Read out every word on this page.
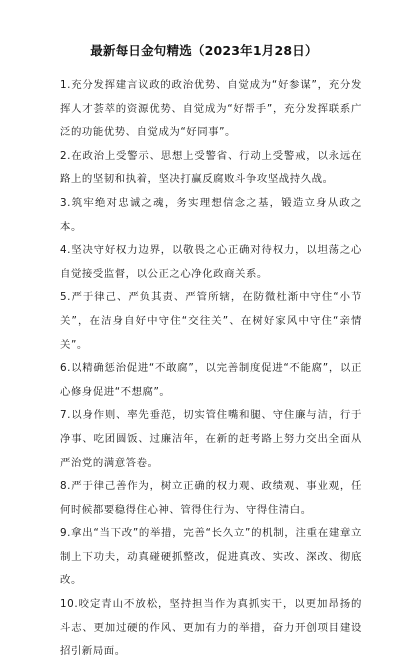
最新每日金句精选（2023年1月28日）

1.充分发挥建言议政的政治优势、自觉成为“好参谋”，充分发挥人才荟萃的资源优势、自觉成为“好帮手”，充分发挥联系广泛的功能优势、自觉成为“好同事”。

2.在政治上受警示、思想上受警省、行动上受警戒，以永远在路上的坚韧和执着，坚决打赢反腐败斗争攻坚战持久战。

3.筑牢绝对忠诚之魂，务实理想信念之基，锻造立身从政之本。

4.坚决守好权力边界，以敬畏之心正确对待权力，以坦荡之心自觉接受监督，以公正之心净化政商关系。

5.严于律己、严负其责、严管所辖，在防微杜渐中守住“小节关”，在洁身自好中守住“交往关”、在树好家风中守住“亲情关”。

6.以精确惩治促进“不敢腐”，以完善制度促进“不能腐”，以正心修身促进“不想腐”。

7.以身作则、率先垂范，切实管住嘴和腿、守住廉与洁，行于净事、吃团圆饭、过廉洁年，在新的赶考路上努力交出全面从严治党的满意答卷。

8.严于律己善作为，树立正确的权力观、政绩观、事业观，任何时候都要稳得住心神、管得住行为、守得住清白。

9.拿出“当下改”的举措，完善“长久立”的机制，注重在建章立制上下功夫，动真碰硬抓整改，促进真改、实改、深改、彻底改。

10.咬定青山不放松，坚持担当作为真抓实干，以更加昂扬的斗志、更加过硬的作风、更加有力的举措，奋力开创项目建设招引新局面。
